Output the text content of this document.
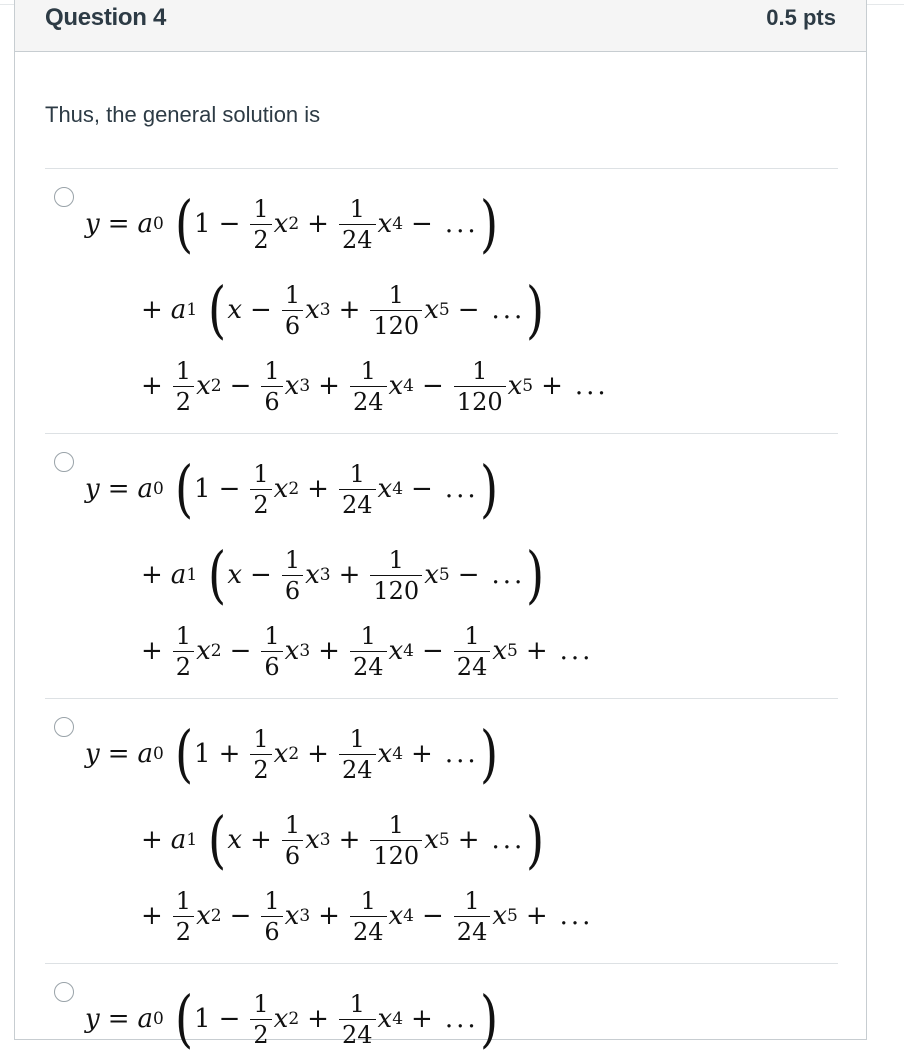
Question 4	0.5 pts
Thus, the general solution is
y = a 0 ( $1 - \frac{1}{2}$ x $2 + \frac{1}{24}$ x 4 − ... )
+ a 1 ( $x - \frac{1}{6}$ x $3 + \frac{1}{120}$ x 5 − ... )
+ $\frac{1}{2}$ x $2 - \frac{1}{6}$ x $3 + \frac{1}{24}$ x $4 - \frac{1}{120}$ x 5 + ...
y = a 0 ( $1 - \frac{1}{2}$ x $2 + \frac{1}{24}$ x 4 − ... )
+ a 1 ( $x - \frac{1}{6}$ x $3 + \frac{1}{120}$ x 5 − ... )
+ $\frac{1}{2}$ x $2 - \frac{1}{6}$ x $3 + \frac{1}{24}$ x $4 - \frac{1}{24}$ x 5 + ...
y = a 0 ( $1 + \frac{1}{2}$ x $2 + \frac{1}{24}$ x 4 + ... )
+ a 1 ( $x + \frac{1}{6}$ x $3 + \frac{1}{120}$ x 5 + ... )
+ $\frac{1}{2}$ x $2 - \frac{1}{6}$ x $3 + \frac{1}{24}$ x $4 - \frac{1}{24}$ x 5 + ...
y = a 0 ( $1 - \frac{1}{2}$ x $2 + \frac{1}{24}$ x 4 + ... )
